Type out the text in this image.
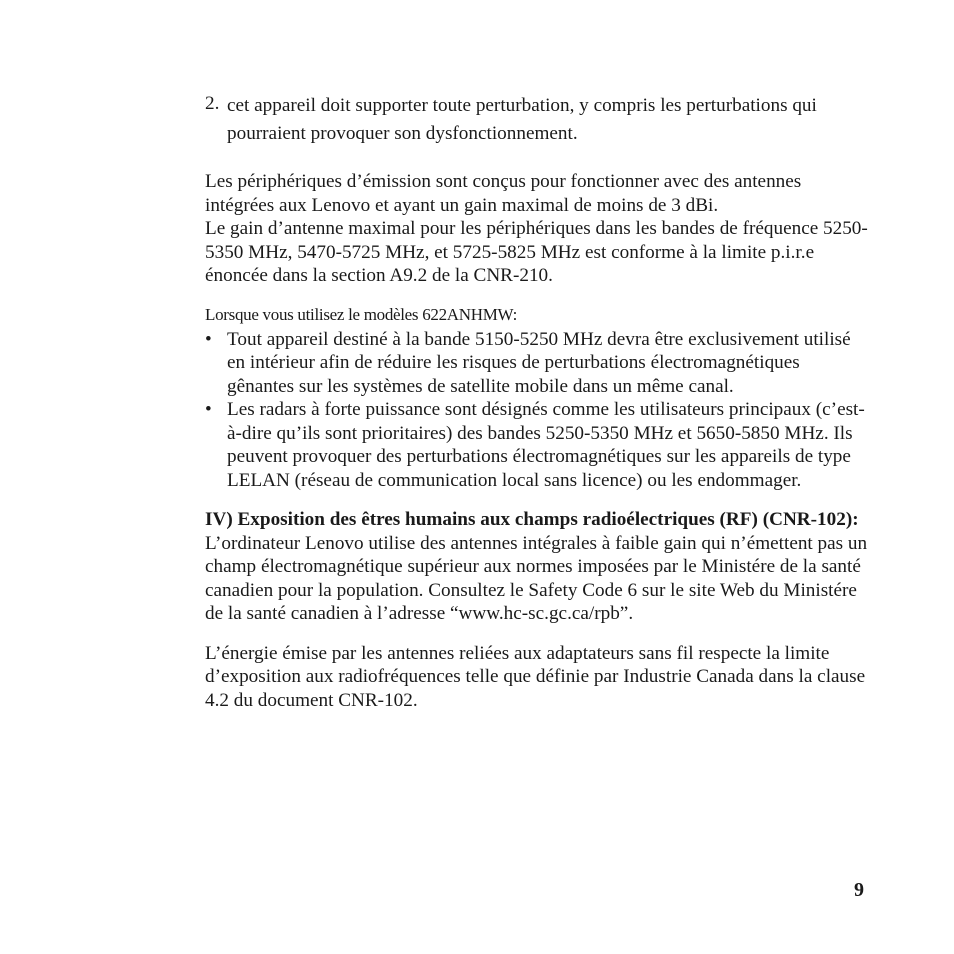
2. cet appareil doit supporter toute perturbation, y compris les perturbations qui pourraient provoquer son dysfonctionnement.

Les périphériques d’émission sont conçus pour fonctionner avec des antennes intégrées aux Lenovo et ayant un gain maximal de moins de 3 dBi.

Le gain d’antenne maximal pour les périphériques dans les bandes de fréquence 5250-5350 MHz, 5470-5725 MHz, et 5725-5825 MHz est conforme à la limite p.i.r.e énoncée dans la section A9.2 de la CNR-210.

Lorsque vous utilisez le modèles 622ANHMW:

• Tout appareil destiné à la bande 5150-5250 MHz devra être exclusivement utilisé en intérieur afin de réduire les risques de perturbations électromagnétiques gênantes sur les systèmes de satellite mobile dans un même canal.
• Les radars à forte puissance sont désignés comme les utilisateurs principaux (c’est-à-dire qu’ils sont prioritaires) des bandes 5250-5350 MHz et 5650-5850 MHz. Ils peuvent provoquer des perturbations électromagnétiques sur les appareils de type LELAN (réseau de communication local sans licence) ou les endommager.

IV) Exposition des êtres humains aux champs radioélectriques (RF) (CNR-102):

L’ordinateur Lenovo utilise des antennes intégrales à faible gain qui n’émettent pas un champ électromagnétique supérieur aux normes imposées par le Ministére de la santé canadien pour la population. Consultez le Safety Code 6 sur le site Web du Ministére de la santé canadien à l’adresse “www.hc-sc.gc.ca/rpb”.

L’énergie émise par les antennes reliées aux adaptateurs sans fil respecte la limite d’exposition aux radiofréquences telle que définie par Industrie Canada dans la clause 4.2 du document CNR-102.

9
